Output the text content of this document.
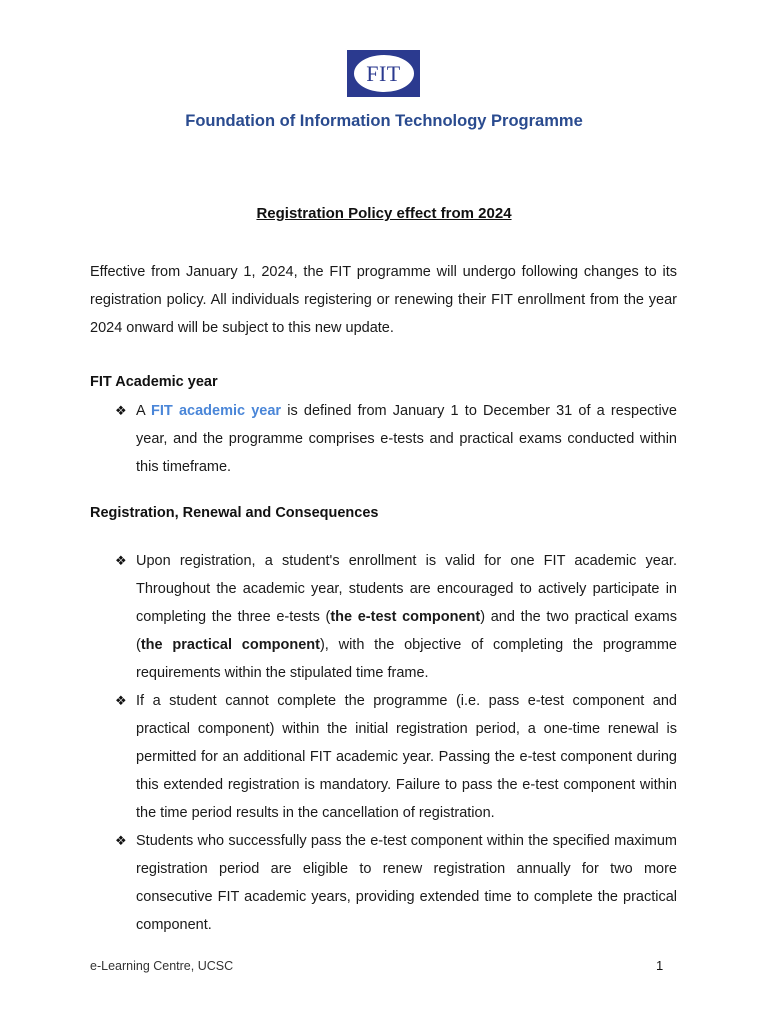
FIT
Foundation of Information Technology Programme
Registration Policy effect from 2024

Effective from January 1, 2024, the FIT programme will undergo following changes to its registration policy. All individuals registering or renewing their FIT enrollment from the year 2024 onward will be subject to this new update.

FIT Academic year

❖ A FIT academic year is defined from January 1 to December 31 of a respective year, and the programme comprises e-tests and practical exams conducted within this timeframe.

Registration, Renewal and Consequences

❖ Upon registration, a student's enrollment is valid for one FIT academic year. Throughout the academic year, students are encouraged to actively participate in completing the three e-tests (the e-test component) and the two practical exams (the practical component), with the objective of completing the programme requirements within the stipulated time frame.
❖ If a student cannot complete the programme (i.e. pass e-test component and practical component) within the initial registration period, a one-time renewal is permitted for an additional FIT academic year. Passing the e-test component during this extended registration is mandatory. Failure to pass the e-test component within the time period results in the cancellation of registration.
❖ Students who successfully pass the e-test component within the specified maximum registration period are eligible to renew registration annually for two more consecutive FIT academic years, providing extended time to complete the practical component.
e-Learning Centre, UCSC	1
